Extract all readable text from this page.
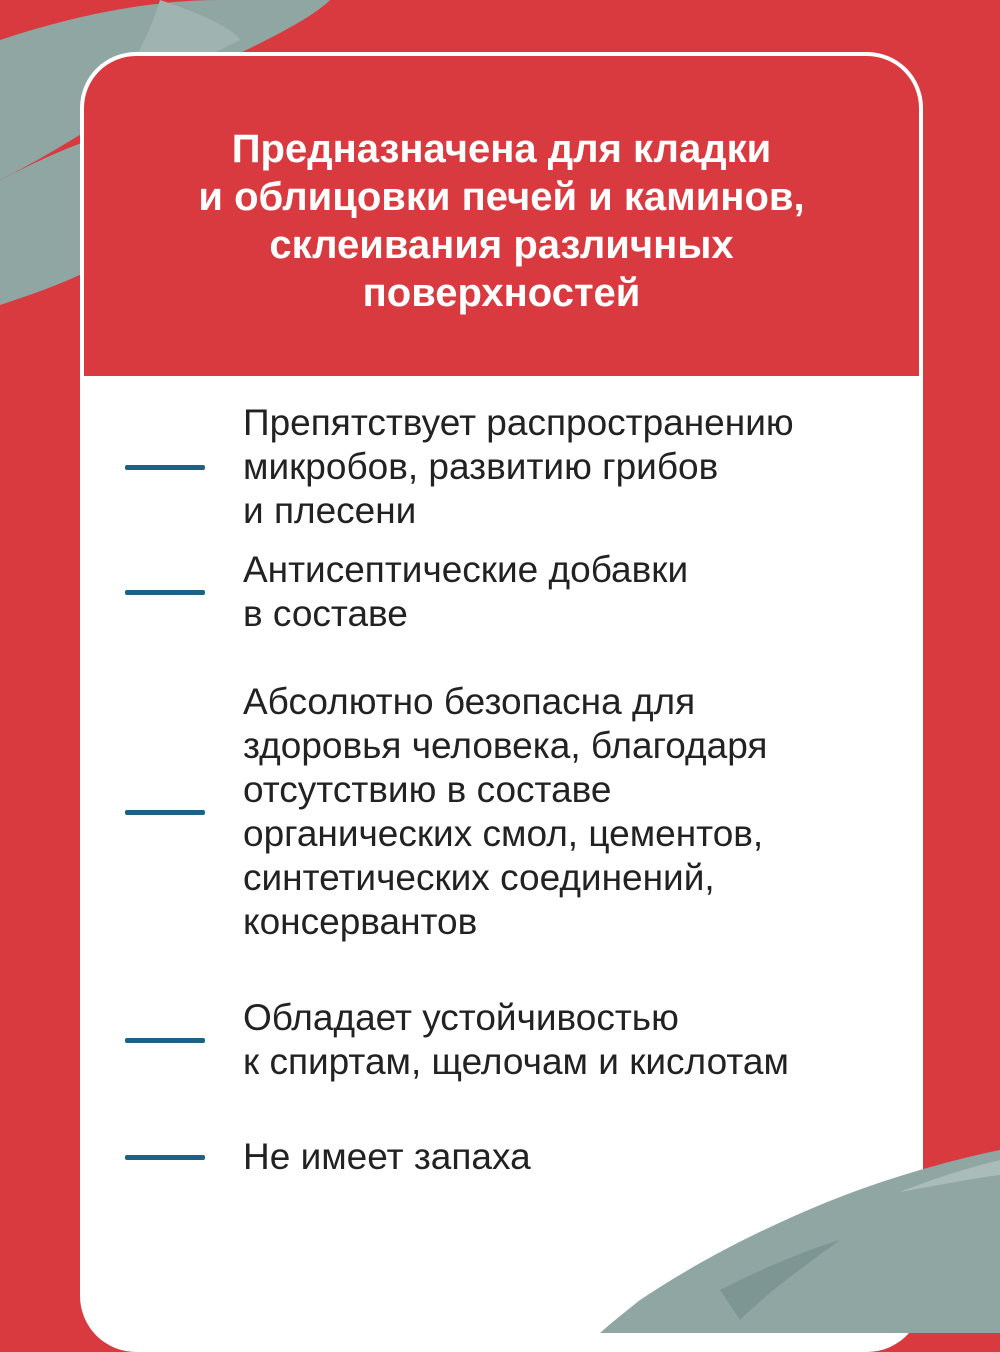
Предназначена для кладки
и облицовки печей и каминов,
склеивания различных
поверхностей
Препятствует распространению
микробов, развитию грибов
и плесени
Антисептические добавки
в составе
Абсолютно безопасна для
здоровья человека, благодаря
отсутствию в составе
органических смол, цементов,
синтетических соединений,
консервантов
Обладает устойчивостью
к спиртам, щелочам и кислотам
Не имеет запаха
